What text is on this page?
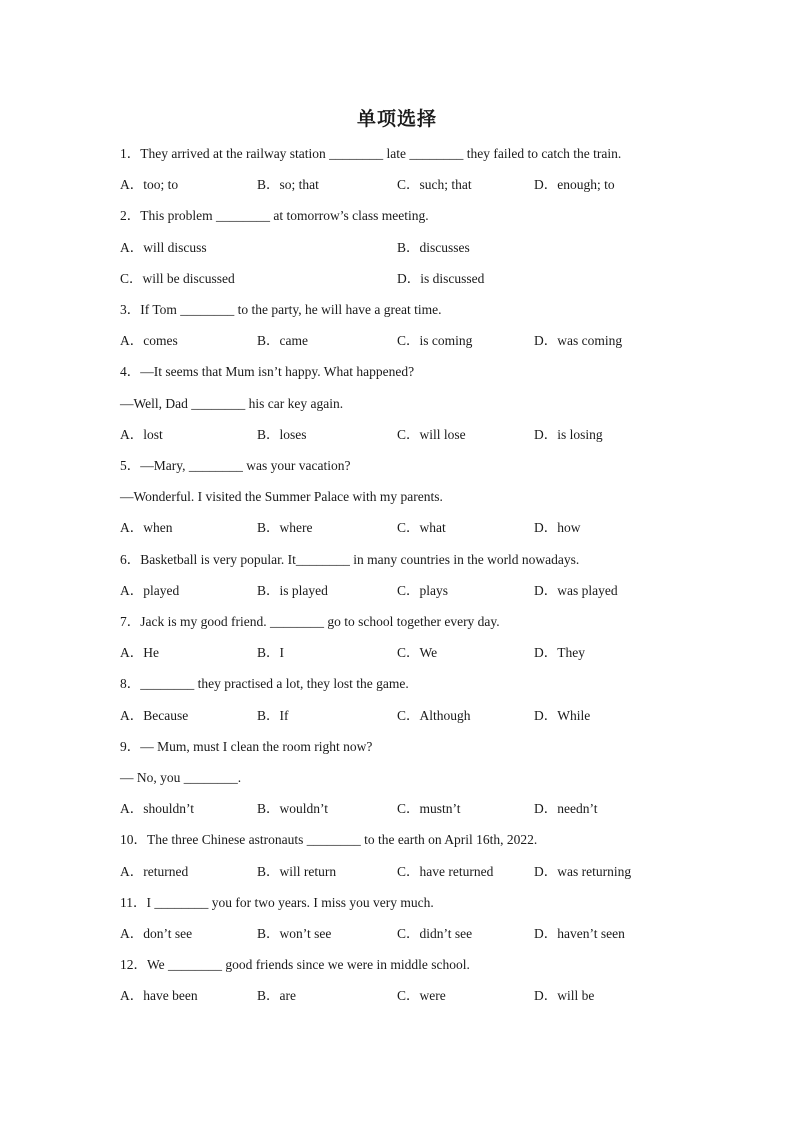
单项选择
1．They arrived at the railway station ________ late ________ they failed to catch the train.
A．too; to	B．so; that	C．such; that	D．enough; to
2．This problem ________ at tomorrow’s class meeting.
A．will discuss	B．discusses
C．will be discussed	D．is discussed
3．If Tom ________ to the party, he will have a great time.
A．comes	B．came	C．is coming	D．was coming
4．—It seems that Mum isn’t happy. What happened?
—Well, Dad ________ his car key again.
A．lost	B．loses	C．will lose	D．is losing
5．—Mary, ________ was your vacation?
—Wonderful. I visited the Summer Palace with my parents.
A．when	B．where	C．what	D．how
6．Basketball is very popular. It________ in many countries in the world nowadays.
A．played	B．is played	C．plays	D．was played
7．Jack is my good friend. ________ go to school together every day.
A．He	B．I	C．We	D．They
8．________ they practised a lot, they lost the game.
A．Because	B．If	C．Although	D．While
9．— Mum, must I clean the room right now?
— No, you ________.
A．shouldn’t	B．wouldn’t	C．mustn’t	D．needn’t
10．The three Chinese astronauts ________ to the earth on April 16th, 2022.
A．returned	B．will return	C．have returned	D．was returning
11．I ________ you for two years. I miss you very much.
A．don’t see	B．won’t see	C．didn’t see	D．haven’t seen
12．We ________ good friends since we were in middle school.
A．have been	B．are	C．were	D．will be
